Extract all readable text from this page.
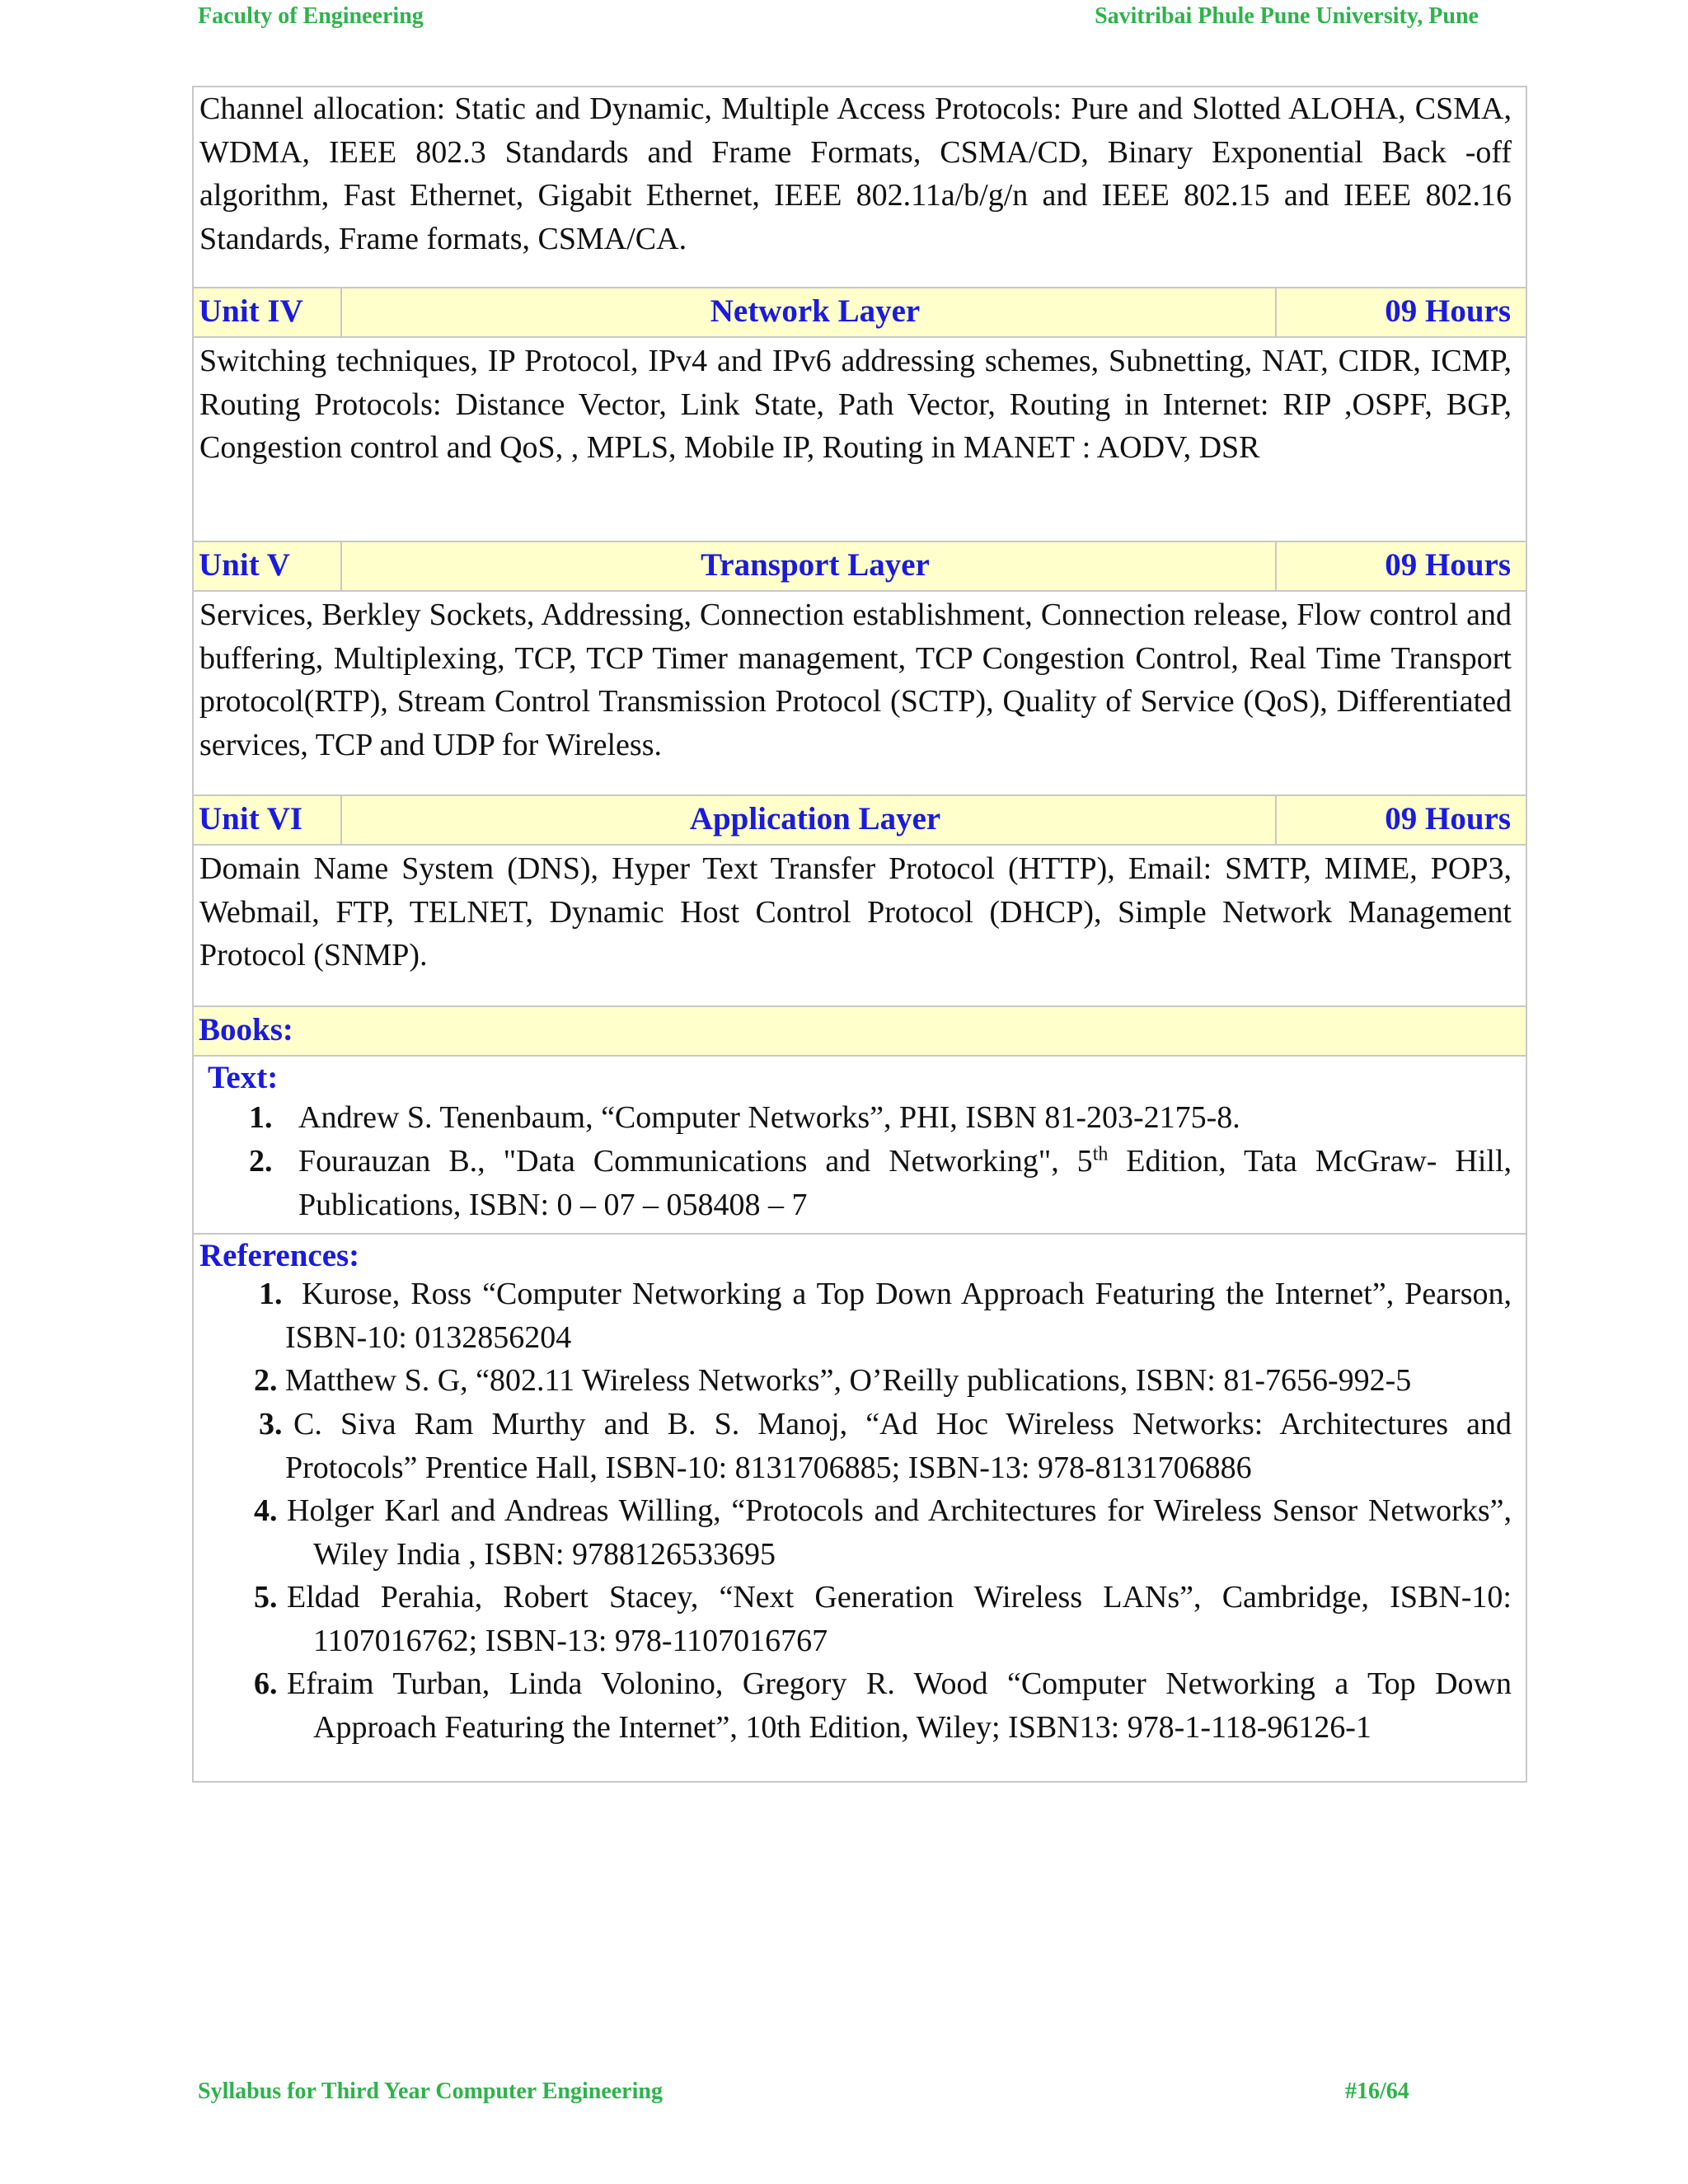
Faculty of Engineering	Savitribai Phule Pune University, Pune
Channel allocation: Static and Dynamic, Multiple Access Protocols: Pure and Slotted ALOHA, CSMA, WDMA, IEEE 802.3 Standards and Frame Formats, CSMA/CD, Binary Exponential Back -off algorithm, Fast Ethernet, Gigabit Ethernet, IEEE 802.11a/b/g/n and IEEE 802.15 and IEEE 802.16 Standards, Frame formats, CSMA/CA.
Unit IV	Network Layer	09 Hours
Switching techniques, IP Protocol, IPv4 and IPv6 addressing schemes, Subnetting, NAT, CIDR, ICMP, Routing Protocols: Distance Vector, Link State, Path Vector, Routing in Internet: RIP ,OSPF, BGP, Congestion control and QoS, , MPLS, Mobile IP, Routing in MANET : AODV, DSR
Unit V	Transport Layer	09 Hours
Services, Berkley Sockets, Addressing, Connection establishment, Connection release, Flow control and buffering, Multiplexing, TCP, TCP Timer management, TCP Congestion Control, Real Time Transport protocol(RTP), Stream Control Transmission Protocol (SCTP), Quality of Service (QoS), Differentiated services, TCP and UDP for Wireless.
Unit VI	Application Layer	09 Hours
Domain Name System (DNS), Hyper Text Transfer Protocol (HTTP), Email: SMTP, MIME, POP3, Webmail, FTP, TELNET, Dynamic Host Control Protocol (DHCP), Simple Network Management Protocol (SNMP).
Books:
Text:
1. Andrew S. Tenenbaum, “Computer Networks”, PHI, ISBN 81-203-2175-8.
2. Fourauzan B., "Data Communications and Networking", 5th Edition, Tata McGraw- Hill, Publications, ISBN: 0 – 07 – 058408 – 7
References:
1. Kurose, Ross “Computer Networking a Top Down Approach Featuring the Internet”, Pearson, ISBN-10: 0132856204
2. Matthew S. G, “802.11 Wireless Networks”, O’Reilly publications, ISBN: 81-7656-992-5
3. C. Siva Ram Murthy and B. S. Manoj, “Ad Hoc Wireless Networks: Architectures and Protocols” Prentice Hall, ISBN-10: 8131706885; ISBN-13: 978-8131706886
4. Holger Karl and Andreas Willing, “Protocols and Architectures for Wireless Sensor Networks”, Wiley India , ISBN: 9788126533695
5. Eldad Perahia, Robert Stacey, “Next Generation Wireless LANs”, Cambridge, ISBN-10: 1107016762; ISBN-13: 978-1107016767
6. Efraim Turban, Linda Volonino, Gregory R. Wood “Computer Networking a Top Down Approach Featuring the Internet”, 10th Edition, Wiley; ISBN13: 978-1-118-96126-1
Syllabus for Third Year Computer Engineering	#16/64
